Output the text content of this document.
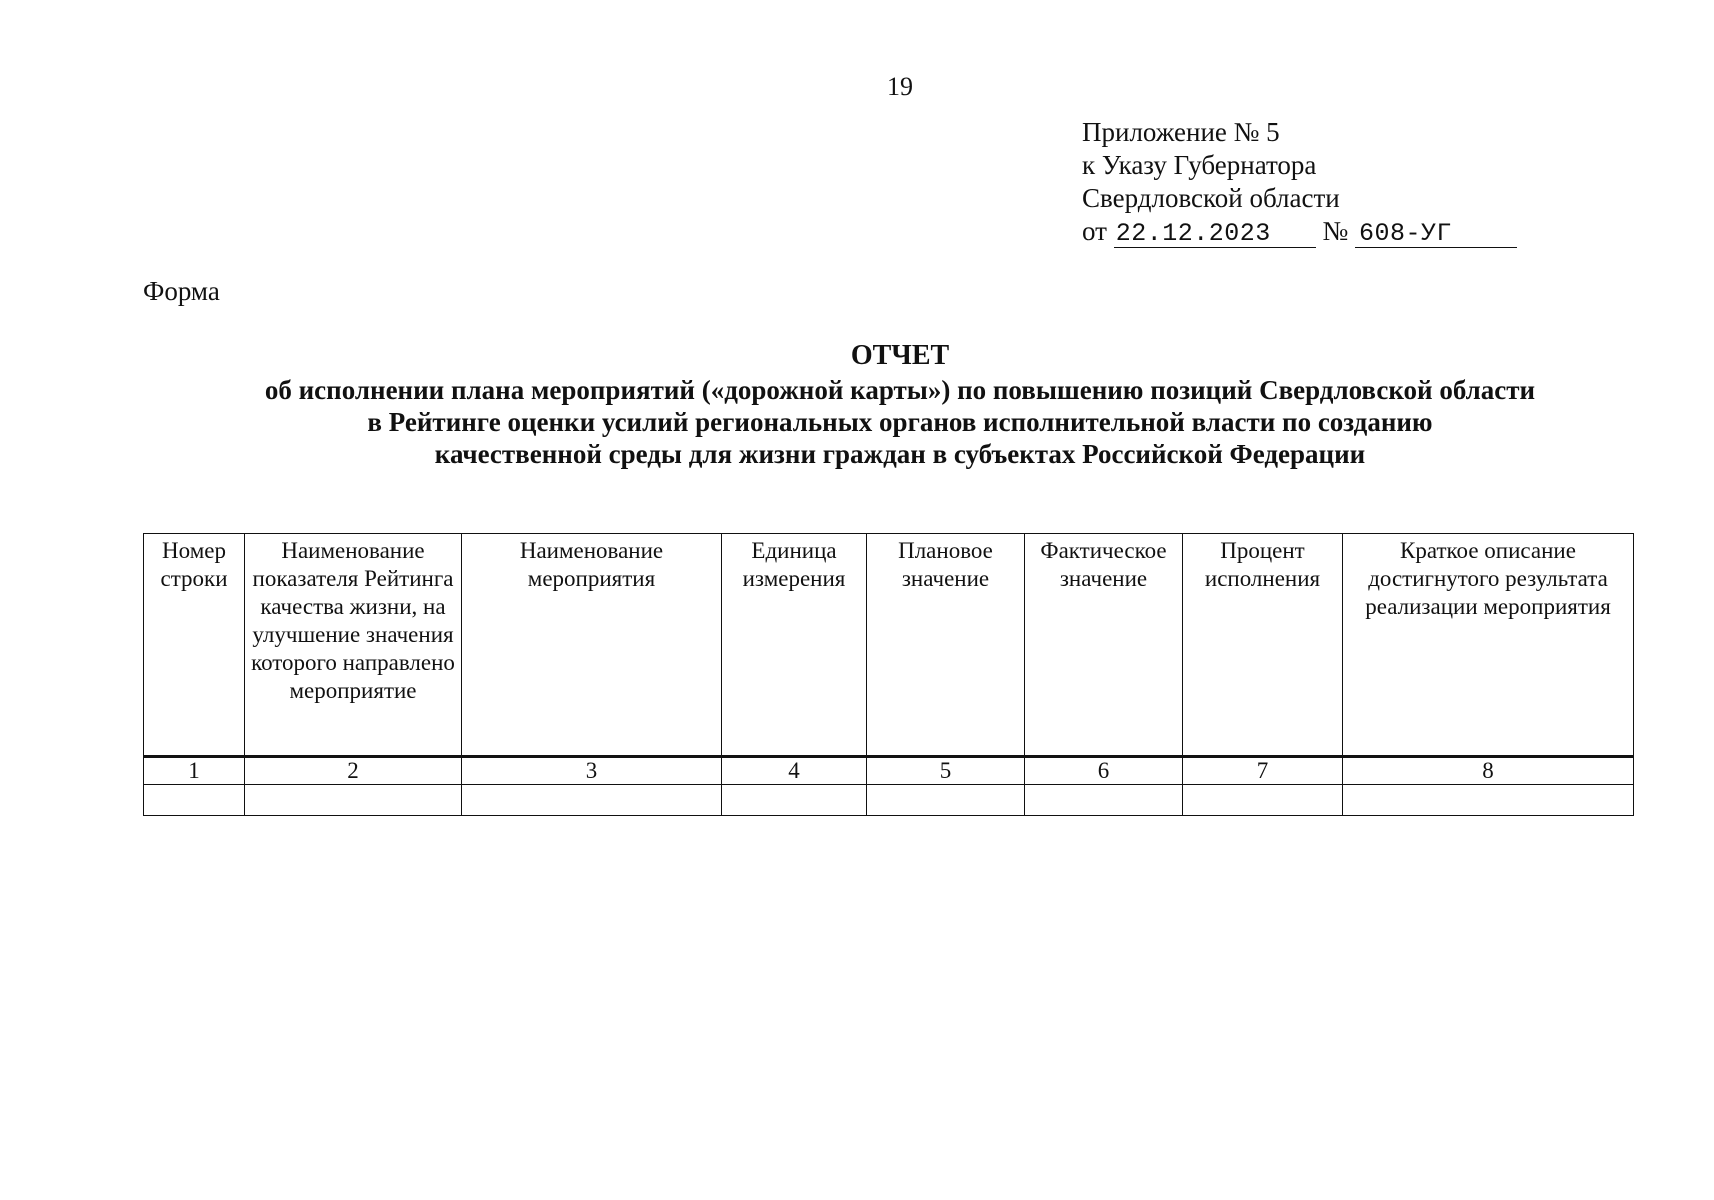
19
Приложение № 5
к Указу Губернатора
Свердловской области
от 22.12.2023 № 608-УГ
Форма
ОТЧЕТ
об исполнении плана мероприятий («дорожной карты») по повышению позиций Свердловской области
в Рейтинге оценки усилий региональных органов исполнительной власти по созданию
качественной среды для жизни граждан в субъектах Российской Федерации
Номер строки	Наименование показателя Рейтинга качества жизни, на улучшение значения которого направлено мероприятие	Наименование мероприятия	Единица измерения	Плановое значение	Фактическое значение	Процент исполнения	Краткое описание достигнутого результата реализации мероприятия
1	2	3	4	5	6	7	8
